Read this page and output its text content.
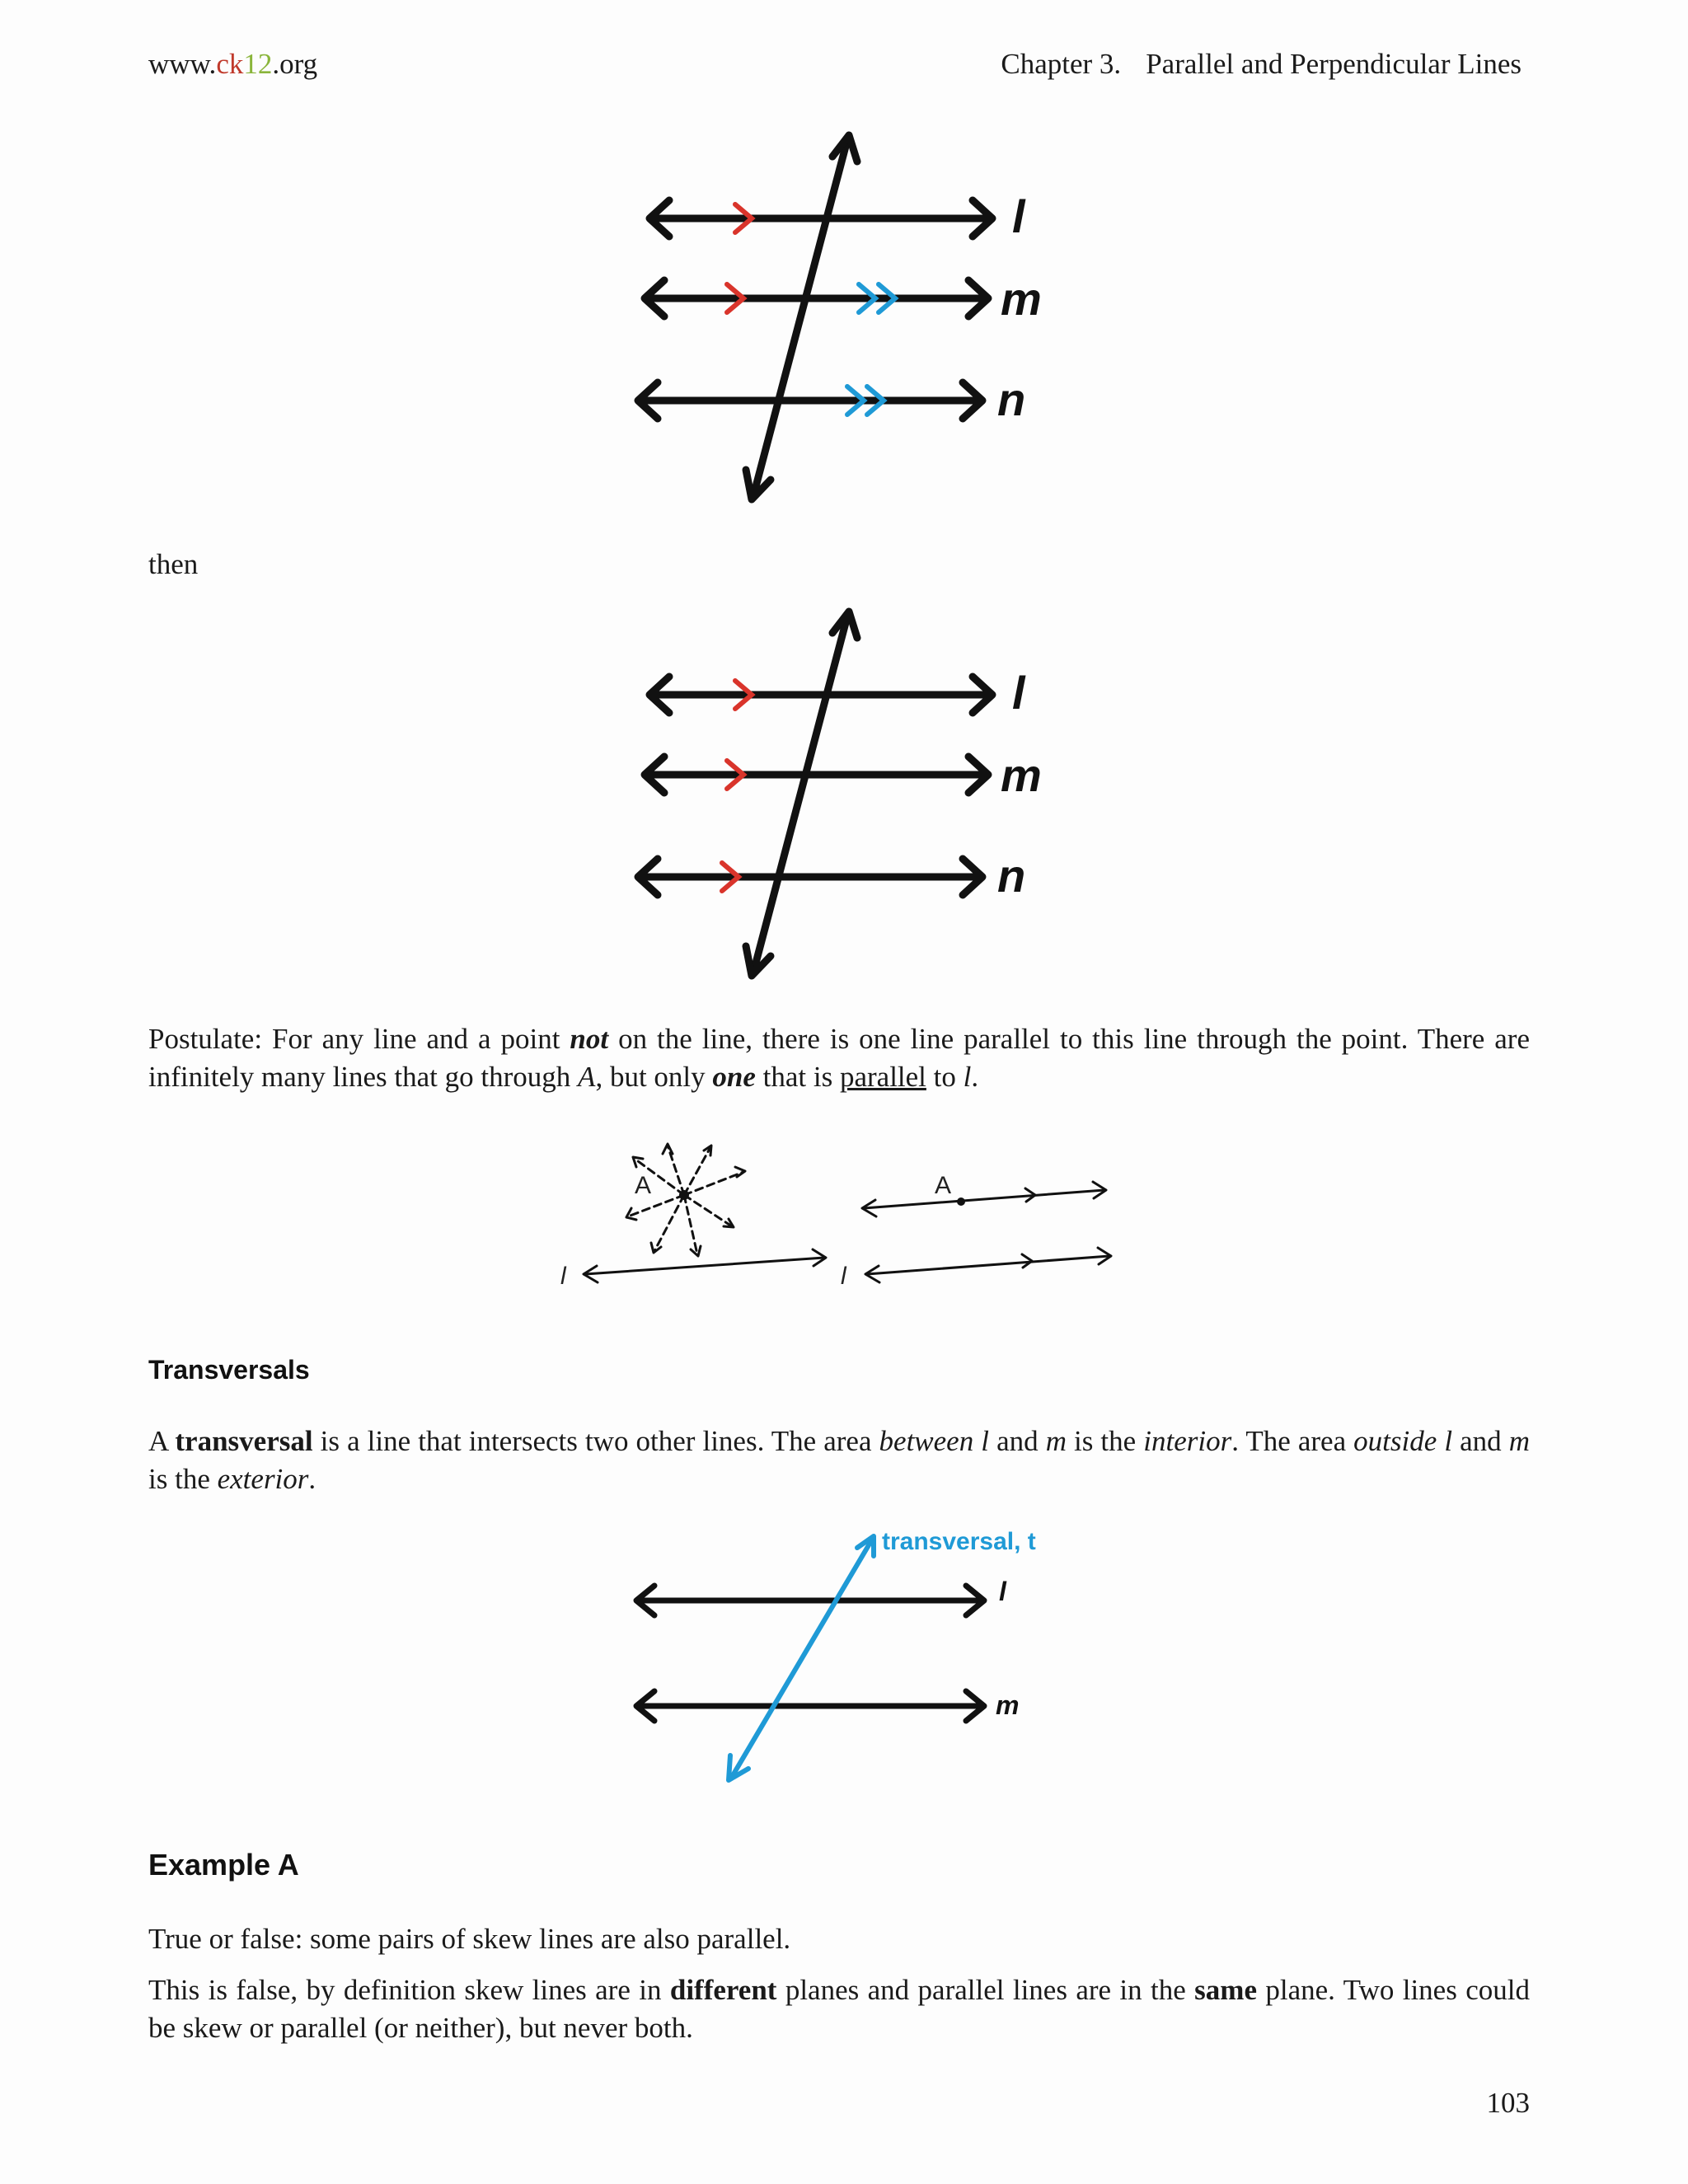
www.ck12.org	Chapter 3. Parallel and Perpendicular Lines
l
m
n
then
l
m
n
Postulate: For any line and a point not on the line, there is one line parallel to this line through the point. There are infinitely many lines that go through A, but only one that is parallel to l.
A
l
A
l
Transversals
A transversal is a line that intersects two other lines. The area between l and m is the interior. The area outside l and m is the exterior.
transversal, t
l
m
Example A
True or false: some pairs of skew lines are also parallel.
This is false, by definition skew lines are in different planes and parallel lines are in the same plane. Two lines could be skew or parallel (or neither), but never both.
103
